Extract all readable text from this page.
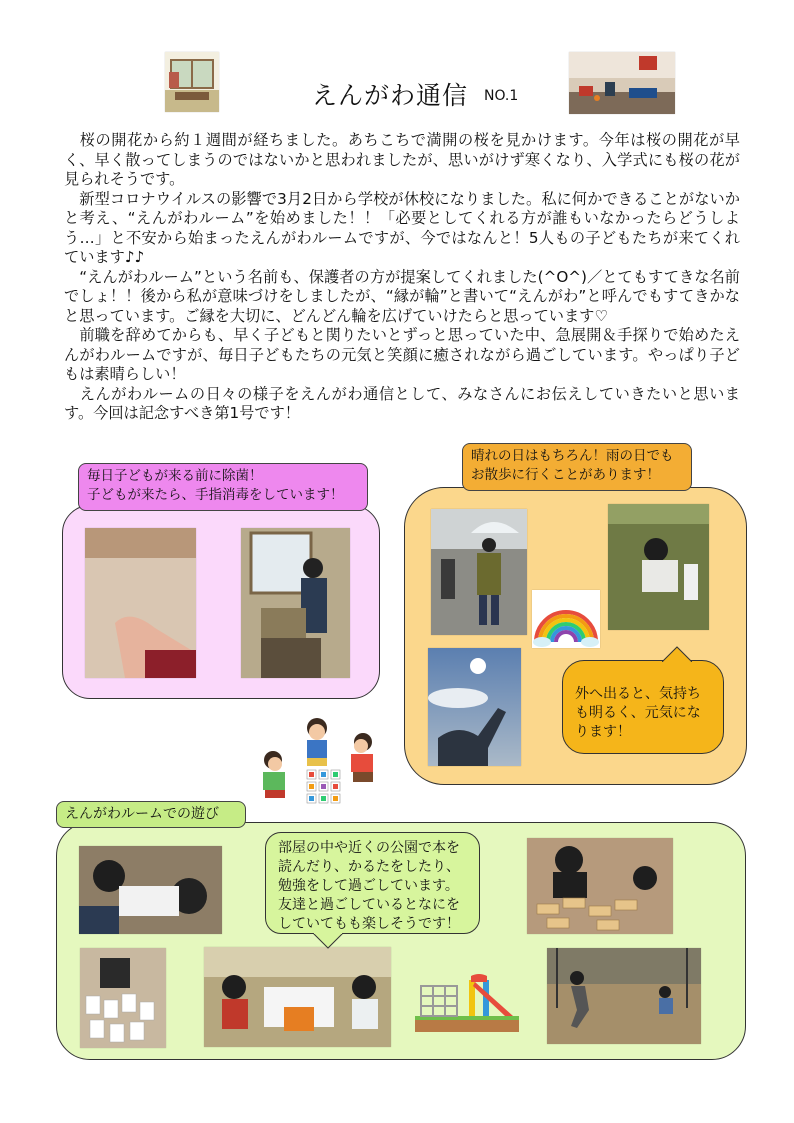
えんがわ通信 NO.1

　桜の開花から約１週間が経ちました。あちこちで満開の桜を見かけます。今年は桜の開花が早く、早く散ってしまうのではないかと思われましたが、思いがけず寒くなり、入学式にも桜の花が見られそうです。

　新型コロナウイルスの影響で3月2日から学校が休校になりました。私に何かできることがないかと考え、“えんがわルーム”を始めました！！「必要としてくれる方が誰もいなかったらどうしよう…」と不安から始まったえんがわルームですが、今ではなんと！5人もの子どもたちが来てくれています♪♪

　“えんがわルーム”という名前も、保護者の方が提案してくれました(^O^)／とてもすてきな名前でしょ！！後から私が意味づけをしましたが、“縁が輪”と書いて“えんがわ”と呼んでもすてきかなと思っています。ご縁を大切に、どんどん輪を広げていけたらと思っています♡

　前職を辞めてからも、早く子どもと関りたいとずっと思っていた中、急展開＆手探りで始めたえんがわルームですが、毎日子どもたちの元気と笑顔に癒されながら過ごしています。やっぱり子どもは素晴らしい！

　えんがわルームの日々の様子をえんがわ通信として、みなさんにお伝えしていきたいと思います。今回は記念すべき第1号です！

毎日子どもが来る前に除菌！
子どもが来たら、手指消毒をしています！
晴れの日はもちろん！雨の日でも
お散歩に行くことがあります！
外へ出ると、気持ち
も明るく、元気にな
ります！
えんがわルームでの遊び
部屋の中や近くの公園で本を
読んだり、かるたをしたり、
勉強をして過ごしています。
友達と過ごしているとなにを
していてもも楽しそうです！
